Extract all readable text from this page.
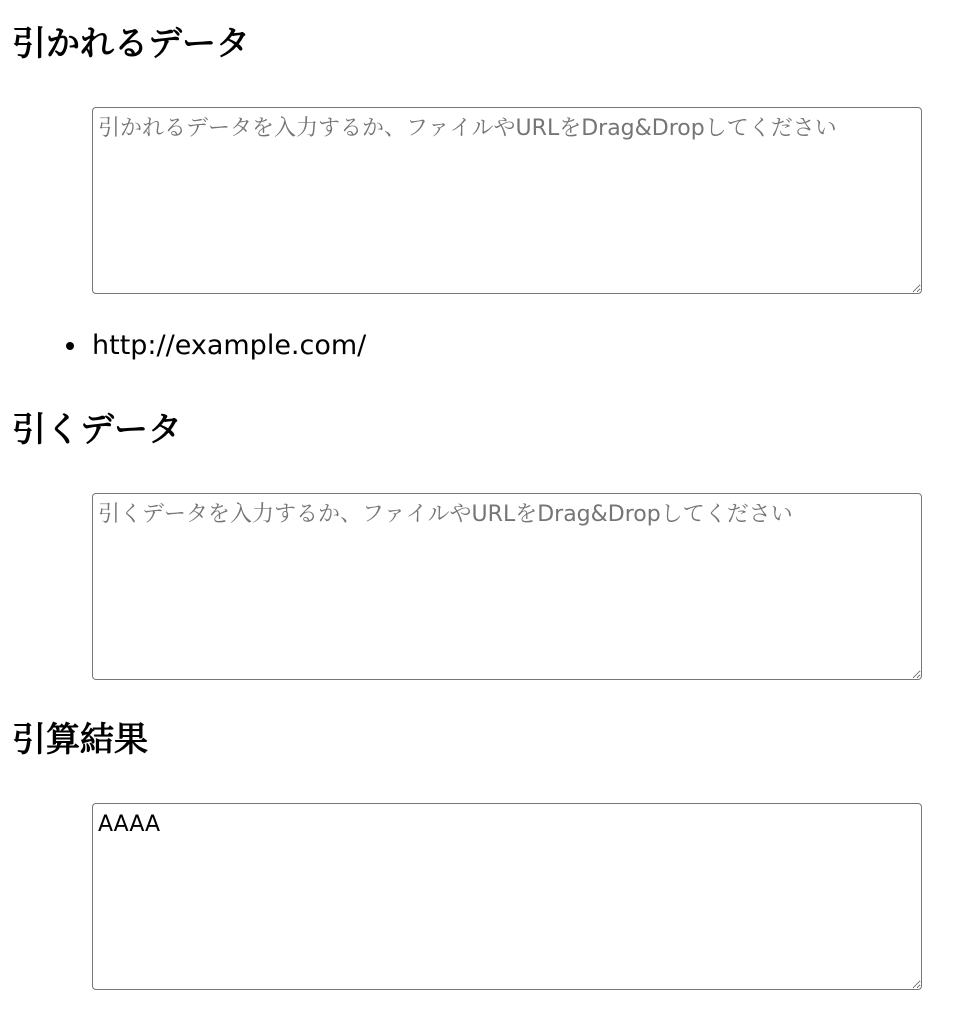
引かれるデータ
引かれるデータを入力するか、ファイルやURLをDrag&Dropしてください
http://example.com/
引くデータ
引くデータを入力するか、ファイルやURLをDrag&Dropしてください
引算結果
AAAA
